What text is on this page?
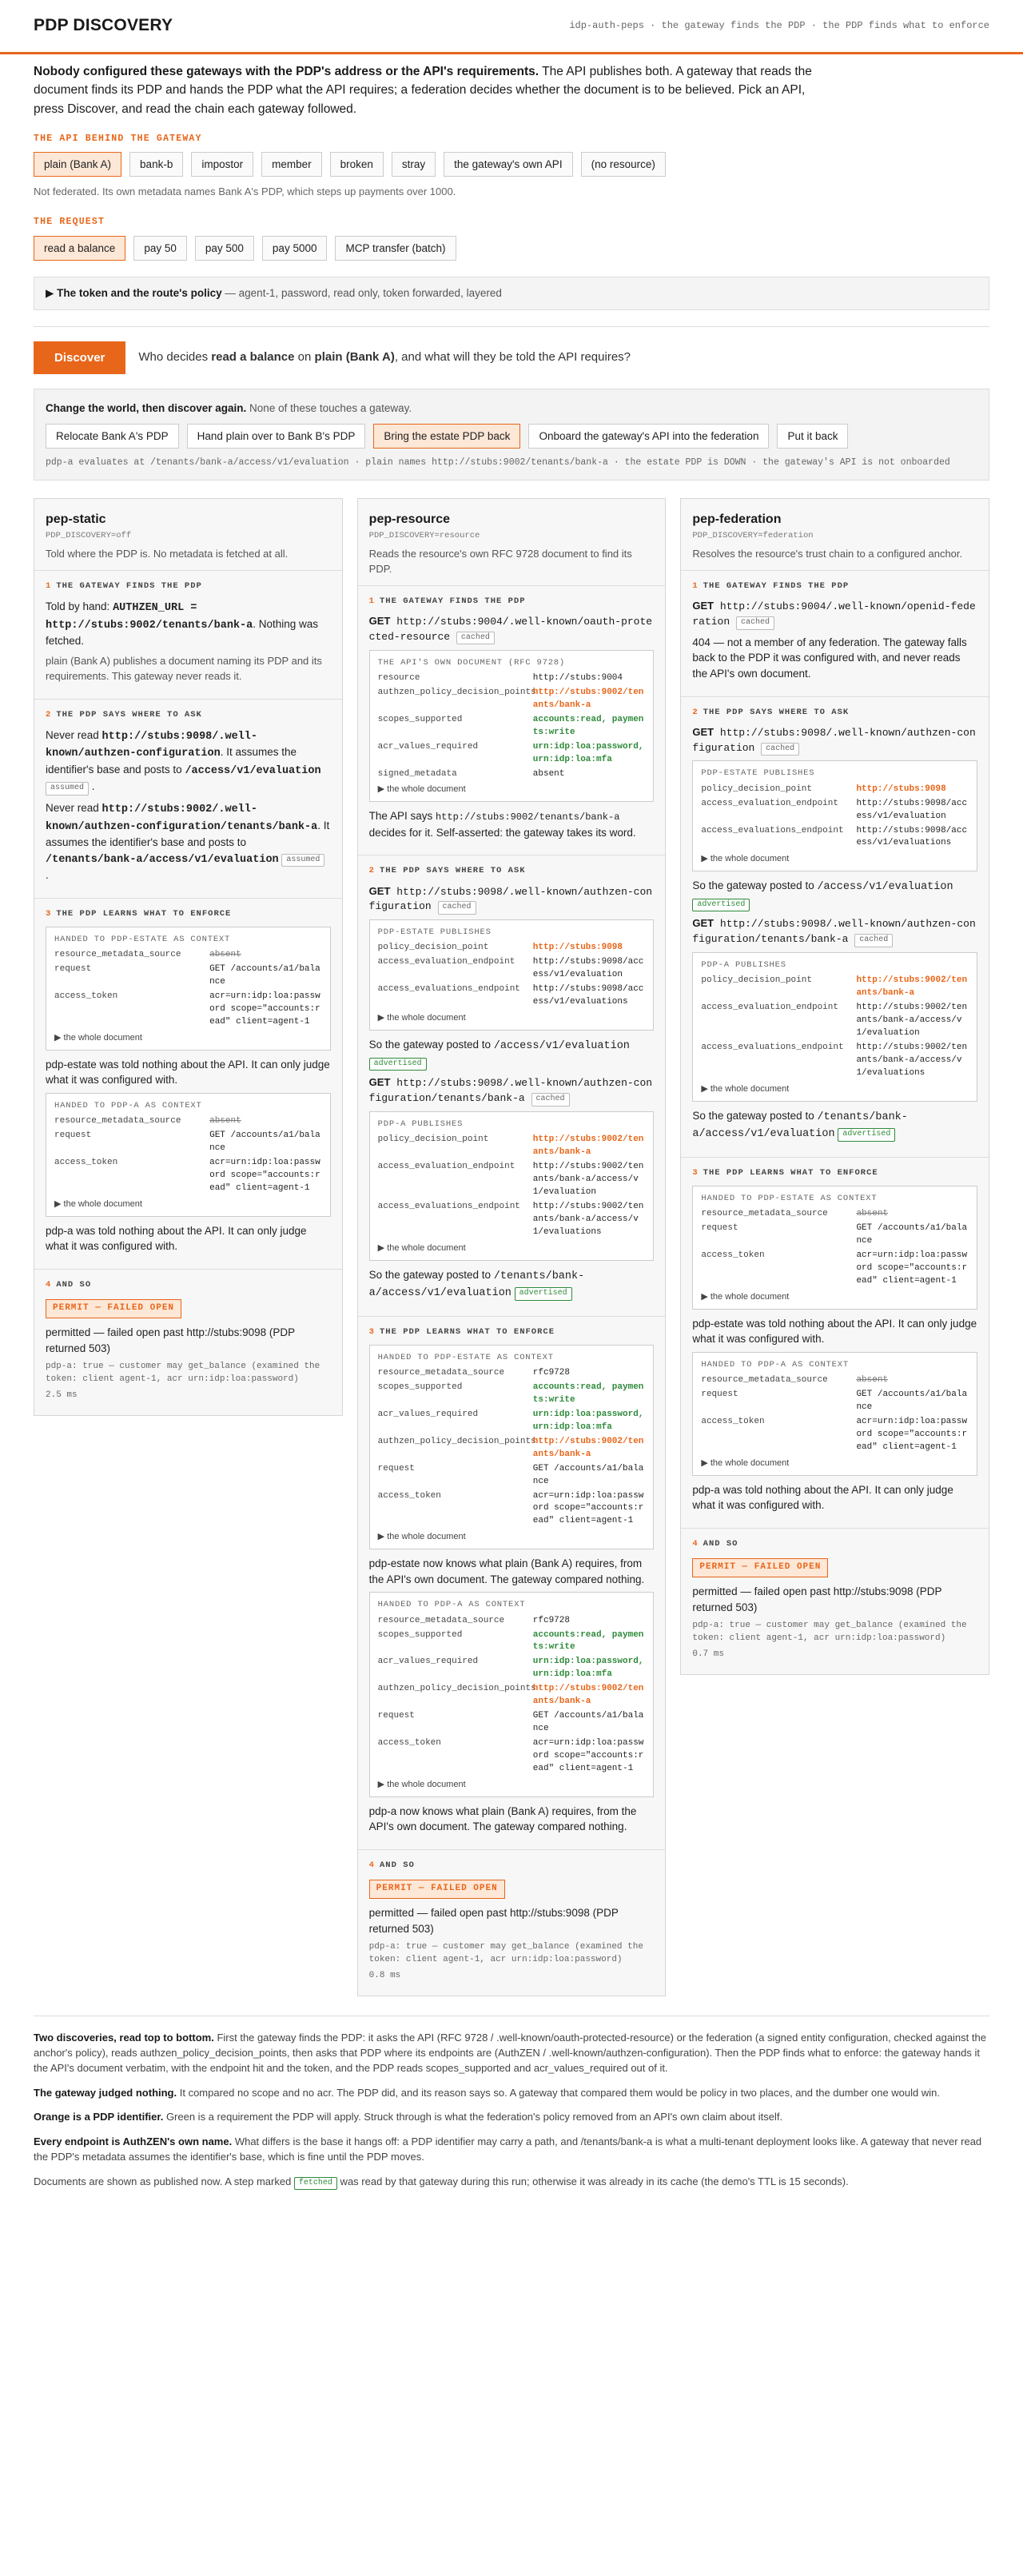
PDP DISCOVERY	idp-auth-peps · the gateway finds the PDP · the PDP finds what to enforce

Nobody configured these gateways with the PDP's address or the API's requirements. The API publishes both. A gateway that reads the document finds its PDP and hands the PDP what the API requires; a federation decides whether the document is to be believed. Pick an API, press Discover, and read the chain each gateway followed.

THE API BEHIND THE GATEWAY
plain (Bank A)	bank-b	impostor	member	broken	stray	the gateway's own API	(no resource)
Not federated. Its own metadata names Bank A's PDP, which steps up payments over 1000.
THE REQUEST
read a balance	pay 50	pay 500	pay 5000	MCP transfer (batch)
▶ The token and the route's policy — agent-1, password, read only, token forwarded, layered
Discover	Who decides read a balance on plain (Bank A), and what will they be told the API requires?
Change the world, then discover again. None of these touches a gateway.
Relocate Bank A's PDP	Hand plain over to Bank B's PDP	Bring the estate PDP back	Onboard the gateway's API into the federation	Put it back
pdp-a evaluates at /tenants/bank-a/access/v1/evaluation · plain names http://stubs:9002/tenants/bank-a · the estate PDP is DOWN · the gateway's API is not onboarded
pep-static
PDP_DISCOVERY=off
Told where the PDP is. No metadata is fetched at all.
1 THE GATEWAY FINDS THE PDP

Told by hand: AUTHZEN_URL = http://stubs:9002/tenants/bank-a. Nothing was fetched.

plain (Bank A) publishes a document naming its PDP and its requirements. This gateway never reads it.

2 THE PDP SAYS WHERE TO ASK

Never read http://stubs:9098/.well-known/authzen-configuration. It assumes the identifier's base and posts to /access/v1/evaluation assumed .

Never read http://stubs:9002/.well-known/authzen-configuration/tenants/bank-a. It assumes the identifier's base and posts to /tenants/bank-a/access/v1/evaluation assumed .

3 THE PDP LEARNS WHAT TO ENFORCE
HANDED TO PDP-ESTATE AS CONTEXT
resource_metadata_source	absent
request	GET /accounts/a1/balance
access_token	acr=urn:idp:loa:password scope="accounts:read" client=agent-1
▶ the whole document

pdp-estate was told nothing about the API. It can only judge what it was configured with.

HANDED TO PDP-A AS CONTEXT
resource_metadata_source	absent
request	GET /accounts/a1/balance
access_token	acr=urn:idp:loa:password scope="accounts:read" client=agent-1
▶ the whole document

pdp-a was told nothing about the API. It can only judge what it was configured with.

4 AND SO
PERMIT — FAILED OPEN

permitted — failed open past http://stubs:9098 (PDP returned 503)

pdp-a: true — customer may get_balance (examined the token: client agent-1, acr urn:idp:loa:password)
2.5 ms
pep-resource
PDP_DISCOVERY=resource
Reads the resource's own RFC 9728 document to find its PDP.
1 THE GATEWAY FINDS THE PDP
GET http://stubs:9004/.well-known/oauth-protected-resource cached
THE API'S OWN DOCUMENT (RFC 9728)
resource	http://stubs:9004
authzen_policy_decision_points
http://stubs:9002/tenants/bank-a
scopes_supported	accounts:read, payments:write
acr_values_required	urn:idp:loa:password, urn:idp:loa:mfa
signed_metadata	absent
▶ the whole document

The API says http://stubs:9002/tenants/bank-a decides for it. Self-asserted: the gateway takes its word.

2 THE PDP SAYS WHERE TO ASK
GET http://stubs:9098/.well-known/authzen-configuration cached
PDP-ESTATE PUBLISHES
policy_decision_point	http://stubs:9098
access_evaluation_endpoint	http://stubs:9098/access/v1/evaluation
access_evaluations_endpoint	http://stubs:9098/access/v1/evaluations
▶ the whole document

So the gateway posted to /access/v1/evaluation advertised

GET http://stubs:9098/.well-known/authzen-configuration/tenants/bank-a cached
PDP-A PUBLISHES
policy_decision_point	http://stubs:9002/tenants/bank-a
access_evaluation_endpoint	http://stubs:9002/tenants/bank-a/access/v1/evaluation
access_evaluations_endpoint	http://stubs:9002/tenants/bank-a/access/v1/evaluations
▶ the whole document

So the gateway posted to /tenants/bank-a/access/v1/evaluation advertised

3 THE PDP LEARNS WHAT TO ENFORCE
HANDED TO PDP-ESTATE AS CONTEXT
resource_metadata_source	rfc9728
scopes_supported	accounts:read, payments:write
acr_values_required	urn:idp:loa:password, urn:idp:loa:mfa
authzen_policy_decision_points
http://stubs:9002/tenants/bank-a
request	GET /accounts/a1/balance
access_token	acr=urn:idp:loa:password scope="accounts:read" client=agent-1
▶ the whole document

pdp-estate now knows what plain (Bank A) requires, from the API's own document. The gateway compared nothing.

HANDED TO PDP-A AS CONTEXT
resource_metadata_source	rfc9728
scopes_supported	accounts:read, payments:write
acr_values_required	urn:idp:loa:password, urn:idp:loa:mfa
authzen_policy_decision_points
http://stubs:9002/tenants/bank-a
request	GET /accounts/a1/balance
access_token	acr=urn:idp:loa:password scope="accounts:read" client=agent-1
▶ the whole document

pdp-a now knows what plain (Bank A) requires, from the API's own document. The gateway compared nothing.

4 AND SO
PERMIT — FAILED OPEN

permitted — failed open past http://stubs:9098 (PDP returned 503)

pdp-a: true — customer may get_balance (examined the token: client agent-1, acr urn:idp:loa:password)
0.8 ms
pep-federation
PDP_DISCOVERY=federation
Resolves the resource's trust chain to a configured anchor.
1 THE GATEWAY FINDS THE PDP
GET http://stubs:9004/.well-known/openid-federation cached

404 — not a member of any federation. The gateway falls back to the PDP it was configured with, and never reads the API's own document.

2 THE PDP SAYS WHERE TO ASK
GET http://stubs:9098/.well-known/authzen-configuration cached
PDP-ESTATE PUBLISHES
policy_decision_point	http://stubs:9098
access_evaluation_endpoint	http://stubs:9098/access/v1/evaluation
access_evaluations_endpoint	http://stubs:9098/access/v1/evaluations
▶ the whole document

So the gateway posted to /access/v1/evaluation advertised

GET http://stubs:9098/.well-known/authzen-configuration/tenants/bank-a cached
PDP-A PUBLISHES
policy_decision_point	http://stubs:9002/tenants/bank-a
access_evaluation_endpoint	http://stubs:9002/tenants/bank-a/access/v1/evaluation
access_evaluations_endpoint	http://stubs:9002/tenants/bank-a/access/v1/evaluations
▶ the whole document

So the gateway posted to /tenants/bank-a/access/v1/evaluation advertised

3 THE PDP LEARNS WHAT TO ENFORCE
HANDED TO PDP-ESTATE AS CONTEXT
resource_metadata_source	absent
request	GET /accounts/a1/balance
access_token	acr=urn:idp:loa:password scope="accounts:read" client=agent-1
▶ the whole document

pdp-estate was told nothing about the API. It can only judge what it was configured with.

HANDED TO PDP-A AS CONTEXT
resource_metadata_source	absent
request	GET /accounts/a1/balance
access_token	acr=urn:idp:loa:password scope="accounts:read" client=agent-1
▶ the whole document

pdp-a was told nothing about the API. It can only judge what it was configured with.

4 AND SO
PERMIT — FAILED OPEN

permitted — failed open past http://stubs:9098 (PDP returned 503)

pdp-a: true — customer may get_balance (examined the token: client agent-1, acr urn:idp:loa:password)
0.7 ms

Two discoveries, read top to bottom. First the gateway finds the PDP: it asks the API (RFC 9728 / .well-known/oauth-protected-resource) or the federation (a signed entity configuration, checked against the anchor's policy), reads authzen_policy_decision_points, then asks that PDP where its endpoints are (AuthZEN / .well-known/authzen-configuration). Then the PDP finds what to enforce: the gateway hands it the API's document verbatim, with the endpoint hit and the token, and the PDP reads scopes_supported and acr_values_required out of it.

The gateway judged nothing. It compared no scope and no acr. The PDP did, and its reason says so. A gateway that compared them would be policy in two places, and the dumber one would win.

Orange is a PDP identifier. Green is a requirement the PDP will apply. Struck through is what the federation's policy removed from an API's own claim about itself.

Every endpoint is AuthZEN's own name. What differs is the base it hangs off: a PDP identifier may carry a path, and /tenants/bank-a is what a multi-tenant deployment looks like. A gateway that never read the PDP's metadata assumes the identifier's base, which is fine until the PDP moves.

Documents are shown as published now. A step marked fetched was read by that gateway during this run; otherwise it was already in its cache (the demo's TTL is 15 seconds).
